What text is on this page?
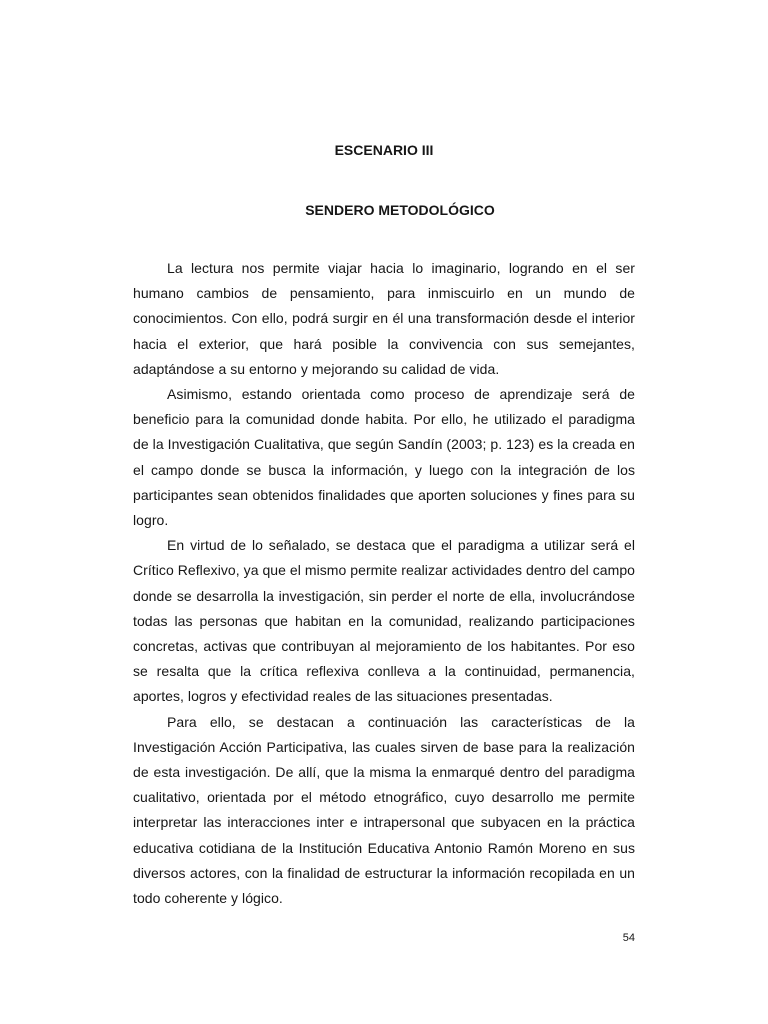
ESCENARIO III
SENDERO METODOLÓGICO

La lectura nos permite viajar hacia lo imaginario, logrando en el ser humano cambios de pensamiento, para inmiscuirlo en un mundo de conocimientos. Con ello, podrá surgir en él una transformación desde el interior hacia el exterior, que hará posible la convivencia con sus semejantes, adaptándose a su entorno y mejorando su calidad de vida.

Asimismo, estando orientada como proceso de aprendizaje será de beneficio para la comunidad donde habita. Por ello, he utilizado el paradigma de la Investigación Cualitativa, que según Sandín (2003; p. 123) es la creada en el campo donde se busca la información, y luego con la integración de los participantes sean obtenidos finalidades que aporten soluciones y fines para su logro.

En virtud de lo señalado, se destaca que el paradigma a utilizar será el Crítico Reflexivo, ya que el mismo permite realizar actividades dentro del campo donde se desarrolla la investigación, sin perder el norte de ella, involucrándose todas las personas que habitan en la comunidad, realizando participaciones concretas, activas que contribuyan al mejoramiento de los habitantes. Por eso se resalta que la crítica reflexiva conlleva a la continuidad, permanencia, aportes, logros y efectividad reales de las situaciones presentadas.

Para ello, se destacan a continuación las características de la Investigación Acción Participativa, las cuales sirven de base para la realización de esta investigación. De allí, que la misma la enmarqué dentro del paradigma cualitativo, orientada por el método etnográfico, cuyo desarrollo me permite interpretar las interacciones inter e intrapersonal que subyacen en la práctica educativa cotidiana de la Institución Educativa Antonio Ramón Moreno en sus diversos actores, con la finalidad de estructurar la información recopilada en un todo coherente y lógico.

54
